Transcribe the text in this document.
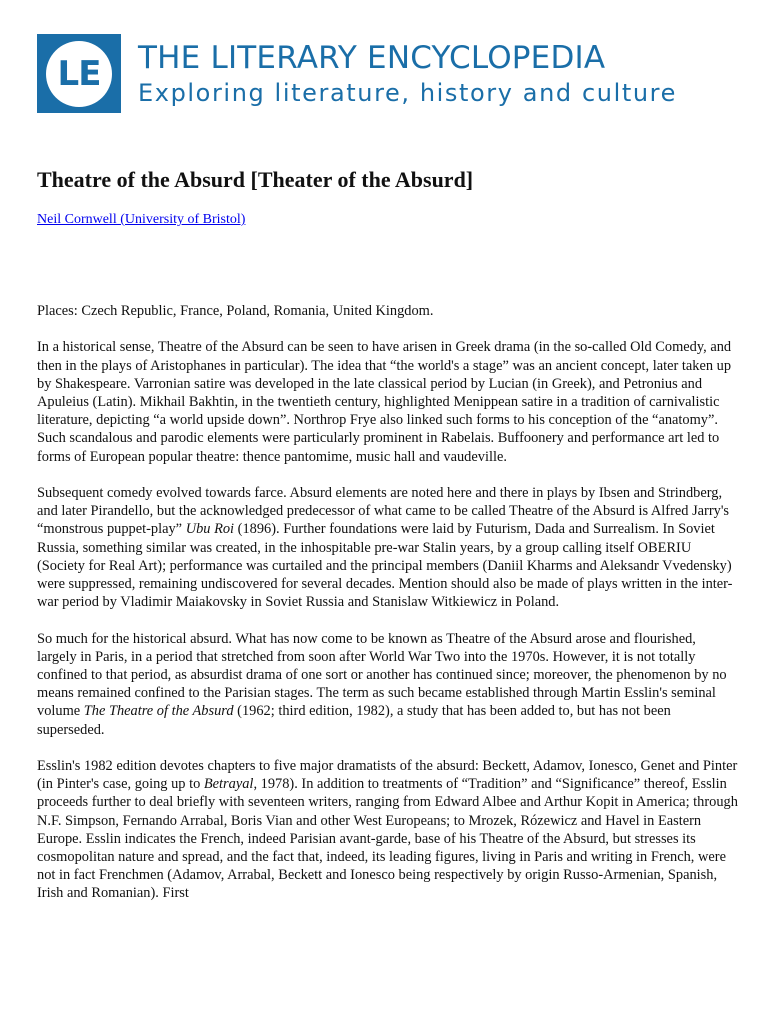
LE THE LITERARY ENCYCLOPEDIA
Exploring literature, history and culture
Theatre of the Absurd [Theater of the Absurd]
Neil Cornwell (University of Bristol)

Places: Czech Republic, France, Poland, Romania, United Kingdom.

In a historical sense, Theatre of the Absurd can be seen to have arisen in Greek drama (in the so-called Old Comedy, and then in the plays of Aristophanes in particular). The idea that “the world's a stage” was an ancient concept, later taken up by Shakespeare. Varronian satire was developed in the late classical period by Lucian (in Greek), and Petronius and Apuleius (Latin). Mikhail Bakhtin, in the twentieth century, highlighted Menippean satire in a tradition of carnivalistic literature, depicting “a world upside down”. Northrop Frye also linked such forms to his conception of the “anatomy”. Such scandalous and parodic elements were particularly prominent in Rabelais. Buffoonery and performance art led to forms of European popular theatre: thence pantomime, music hall and vaudeville.

Subsequent comedy evolved towards farce. Absurd elements are noted here and there in plays by Ibsen and Strindberg, and later Pirandello, but the acknowledged predecessor of what came to be called Theatre of the Absurd is Alfred Jarry's “monstrous puppet-play” Ubu Roi (1896). Further foundations were laid by Futurism, Dada and Surrealism. In Soviet Russia, something similar was created, in the inhospitable pre-war Stalin years, by a group calling itself OBERIU (Society for Real Art); performance was curtailed and the principal members (Daniil Kharms and Aleksandr Vvedensky) were suppressed, remaining undiscovered for several decades. Mention should also be made of plays written in the inter-war period by Vladimir Maiakovsky in Soviet Russia and Stanislaw Witkiewicz in Poland.

So much for the historical absurd. What has now come to be known as Theatre of the Absurd arose and flourished, largely in Paris, in a period that stretched from soon after World War Two into the 1970s. However, it is not totally confined to that period, as absurdist drama of one sort or another has continued since; moreover, the phenomenon by no means remained confined to the Parisian stages. The term as such became established through Martin Esslin's seminal volume The Theatre of the Absurd (1962; third edition, 1982), a study that has been added to, but has not been superseded.

Esslin's 1982 edition devotes chapters to five major dramatists of the absurd: Beckett, Adamov, Ionesco, Genet and Pinter (in Pinter's case, going up to Betrayal, 1978). In addition to treatments of “Tradition” and “Significance” thereof, Esslin proceeds further to deal briefly with seventeen writers, ranging from Edward Albee and Arthur Kopit in America; through N.F. Simpson, Fernando Arrabal, Boris Vian and other West Europeans; to Mrozek, Rózewicz and Havel in Eastern Europe. Esslin indicates the French, indeed Parisian avant-garde, base of his Theatre of the Absurd, but stresses its cosmopolitan nature and spread, and the fact that, indeed, its leading figures, living in Paris and writing in French, were not in fact Frenchmen (Adamov, Arrabal, Beckett and Ionesco being respectively by origin Russo-Armenian, Spanish, Irish and Romanian). First
